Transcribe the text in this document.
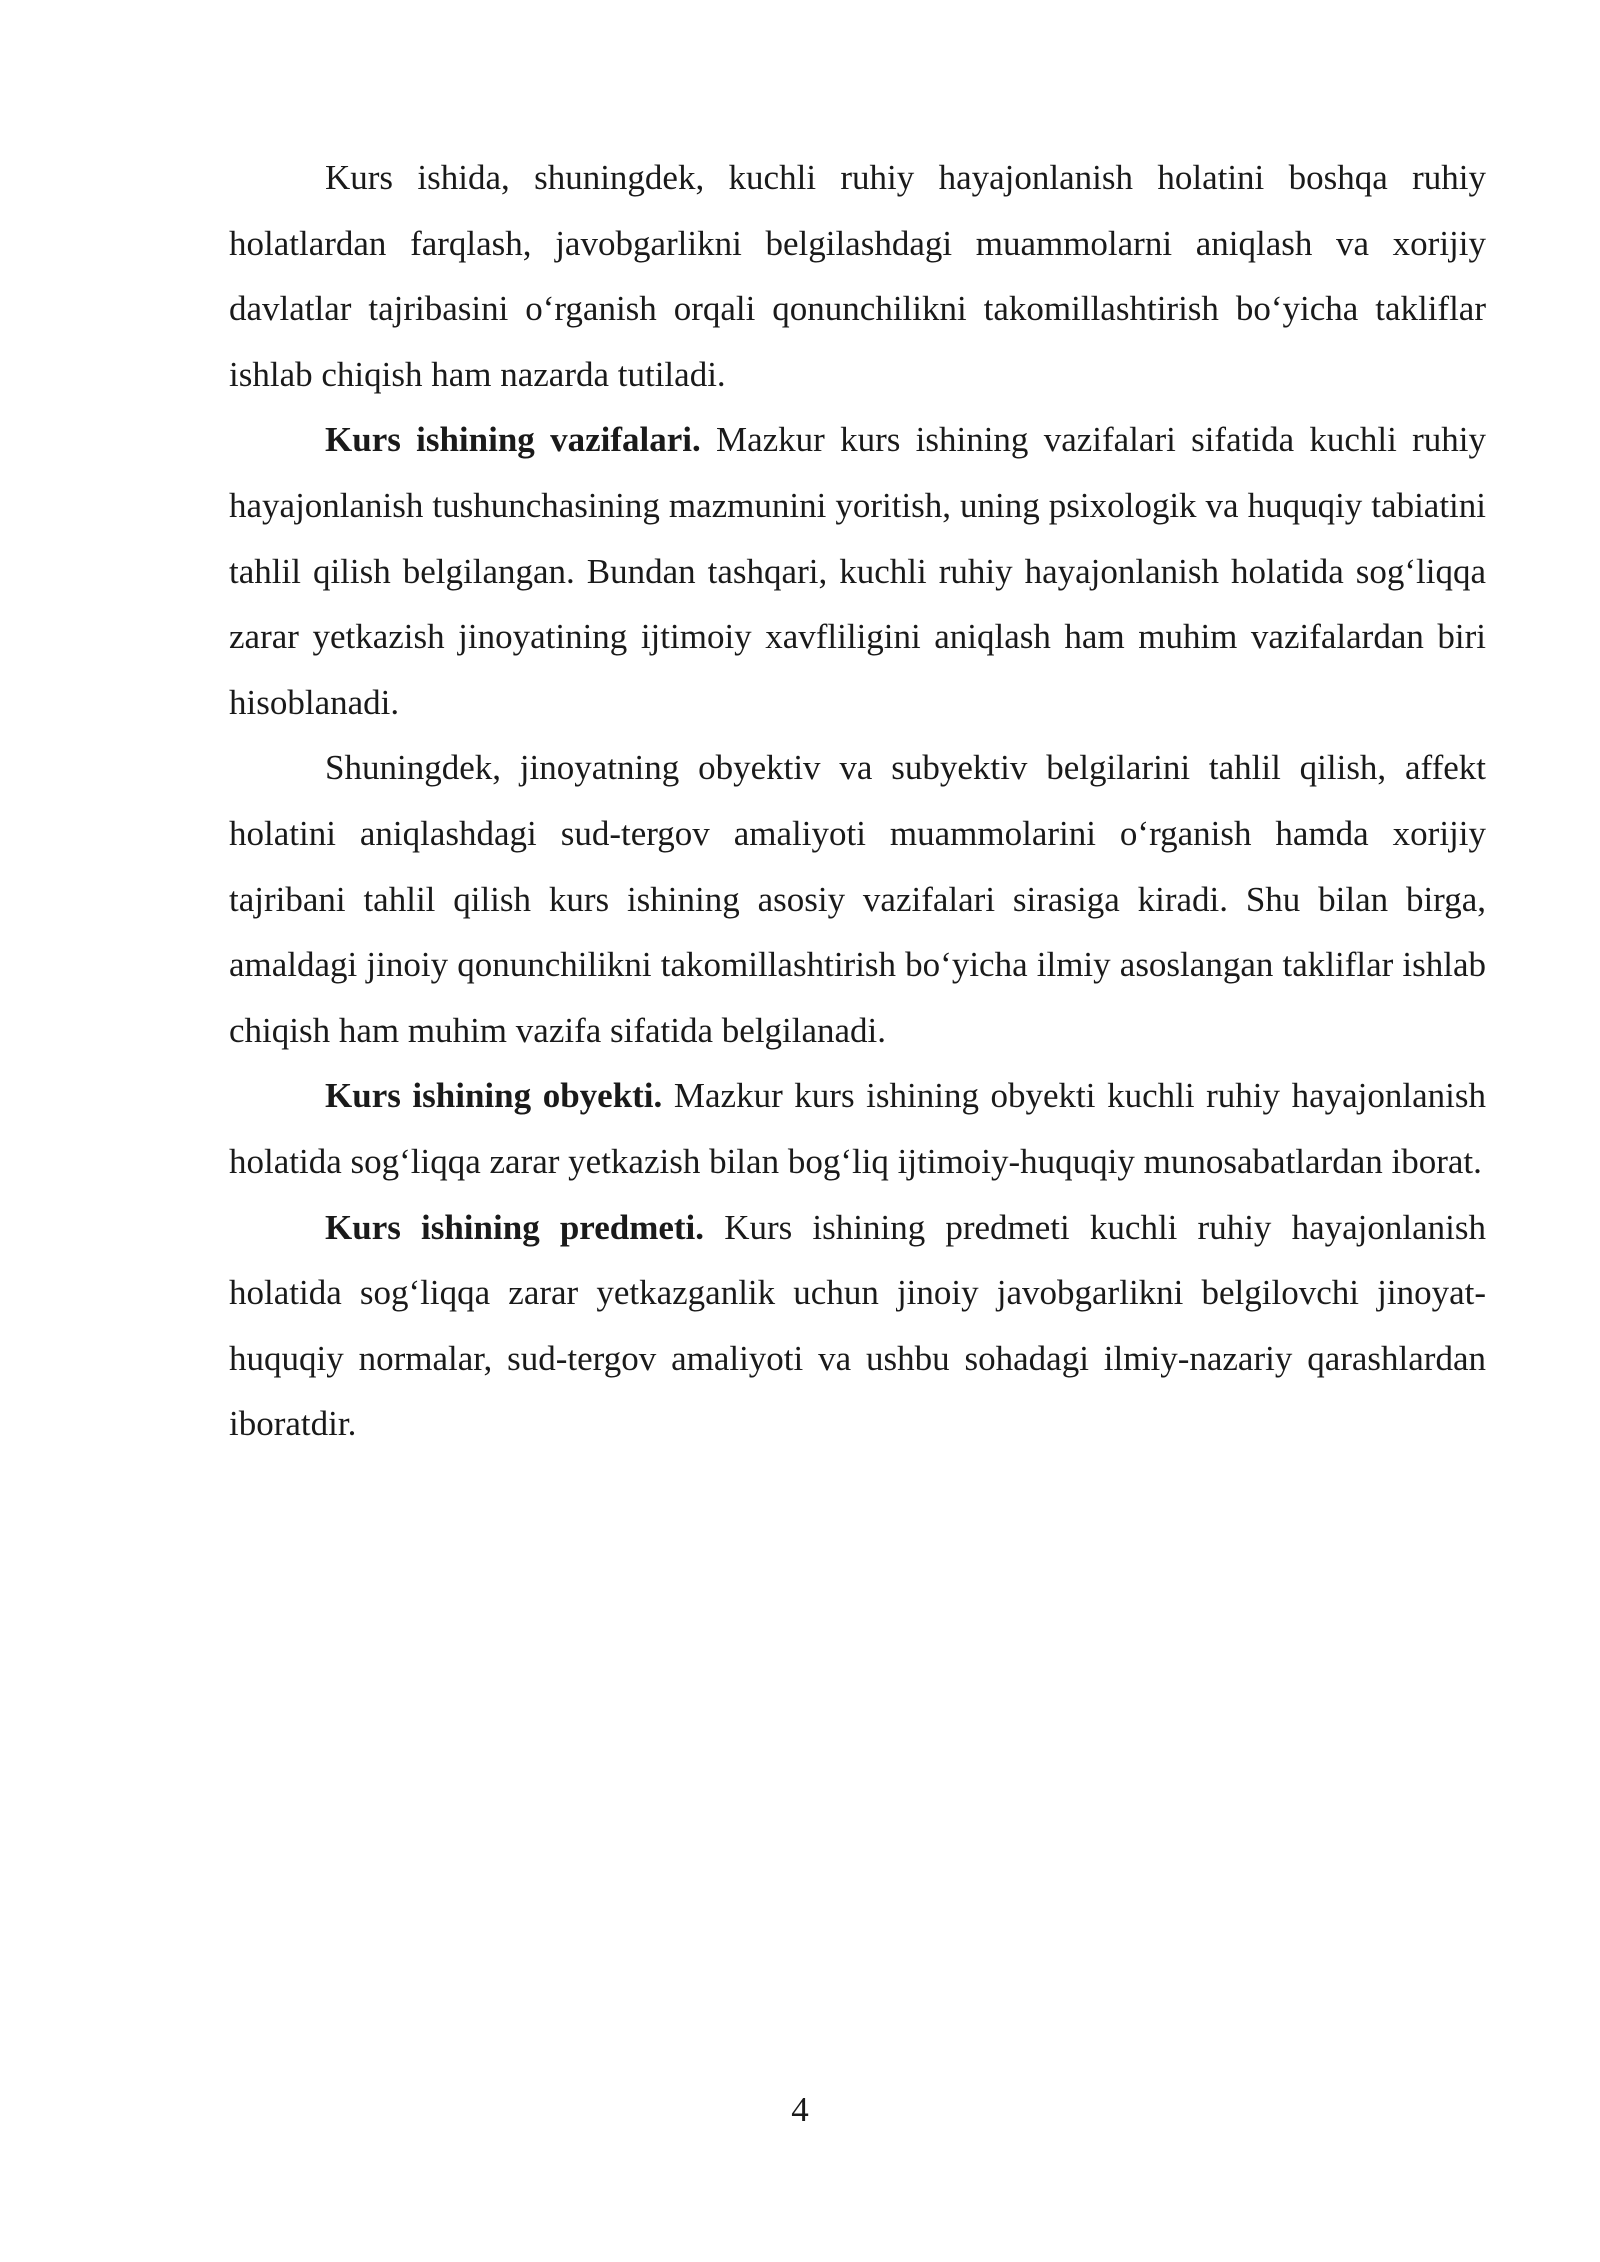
Kurs ishida, shuningdek, kuchli ruhiy hayajonlanish holatini boshqa ruhiy holatlardan farqlash, javobgarlikni belgilashdagi muammolarni aniqlash va xorijiy davlatlar tajribasini o‘rganish orqali qonunchilikni takomillashtirish bo‘yicha takliflar ishlab chiqish ham nazarda tutiladi.

Kurs ishining vazifalari. Mazkur kurs ishining vazifalari sifatida kuchli ruhiy hayajonlanish tushunchasining mazmunini yoritish, uning psixologik va huquqiy tabiatini tahlil qilish belgilangan. Bundan tashqari, kuchli ruhiy hayajonlanish holatida sog‘liqqa zarar yetkazish jinoyatining ijtimoiy xavfliligini aniqlash ham muhim vazifalardan biri hisoblanadi.

Shuningdek, jinoyatning obyektiv va subyektiv belgilarini tahlil qilish, affekt holatini aniqlashdagi sud-tergov amaliyoti muammolarini o‘rganish hamda xorijiy tajribani tahlil qilish kurs ishining asosiy vazifalari sirasiga kiradi. Shu bilan birga, amaldagi jinoiy qonunchilikni takomillashtirish bo‘yicha ilmiy asoslangan takliflar ishlab chiqish ham muhim vazifa sifatida belgilanadi.

Kurs ishining obyekti. Mazkur kurs ishining obyekti kuchli ruhiy hayajonlanish holatida sog‘liqqa zarar yetkazish bilan bog‘liq ijtimoiy-huquqiy munosabatlardan iborat.

Kurs ishining predmeti. Kurs ishining predmeti kuchli ruhiy hayajonlanish holatida sog‘liqqa zarar yetkazganlik uchun jinoiy javobgarlikni belgilovchi jinoyat-huquqiy normalar, sud-tergov amaliyoti va ushbu sohadagi ilmiy-nazariy qarashlardan iboratdir.

4
